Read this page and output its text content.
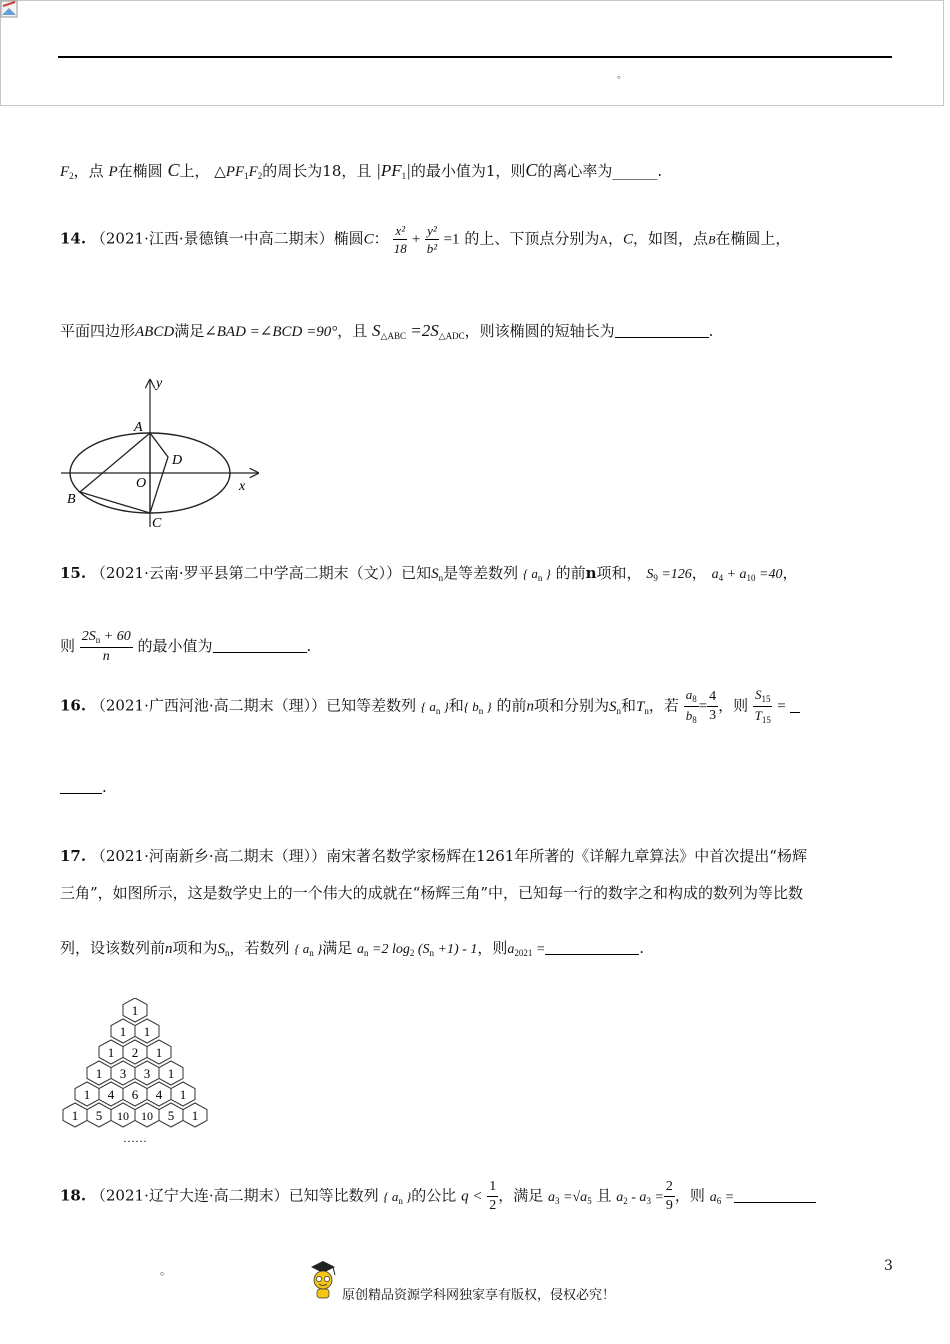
。
$F_2$，点 P在椭圆 C上， $\triangle PF_1F_2$的周长为18，且 $|PF_1|$的最小值为1，则C的离心率为______.
14. （2021·江西·景德镇一中高二期末）椭圆C： $\frac{\text{x²}}{18} + \frac{\text{y²}}{\text{b²}} =1$ 的上、下顶点分别为A，C，如图，点B在椭圆上，
平面四边形ABCD满足∠BAD =∠BCD =90°，且 $S_{\triangle ABC} =2S_{\triangle ADC}$，则该椭圆的短轴长为	.
y
x
A
B
C
D
O
15. （2021·云南·罗平县第二中学高二期末（文））已知$S_n$是等差数列 { $a_n$ } 的前n项和， $S_9 =126$， $a_4 + a_{10} =40$，
则 $\frac{2S_n + 60}{n}$ 的最小值为	.
16. （2021·广西河池·高二期末（理））已知等差数列 { $a_n$ }和{ $b_n$ } 的前n项和分别为$S_n$和$T_n$，若 $\frac{a_8}{b_8} = \frac{4}{3}$ ，则 $\frac{S_{15}}{T_{15}}$ =
.
17. （2021·河南新乡·高二期末（理））南宋著名数学家杨辉在1261年所著的《详解九章算法》中首次提出“杨辉
三角”，如图所示，这是数学史上的一个伟大的成就在“杨辉三角”中，已知每一行的数字之和构成的数列为等比数
列，设该数列前n项和为$S_n$，若数列 { $a_n$ }满足 $a_n =2$ $\log_2 (S_n +1) - 1$，则$a_{2021}$ =	.
1
1 1
1 2 1
1 3 3 1
1 4 6 4 1
1 5 10 10 5 1
……
18. （2021·辽宁大连·高二期末）已知等比数列 { $a_n$ }的公比 $q < \frac{1}{2}$ ，满足 $a_3 =√a_5$ 且 $a_2 - a_3 = \frac{2}{9}$ ，则 $a_6$ =
。	3
原创精品资源学科网独家享有版权，侵权必究！
